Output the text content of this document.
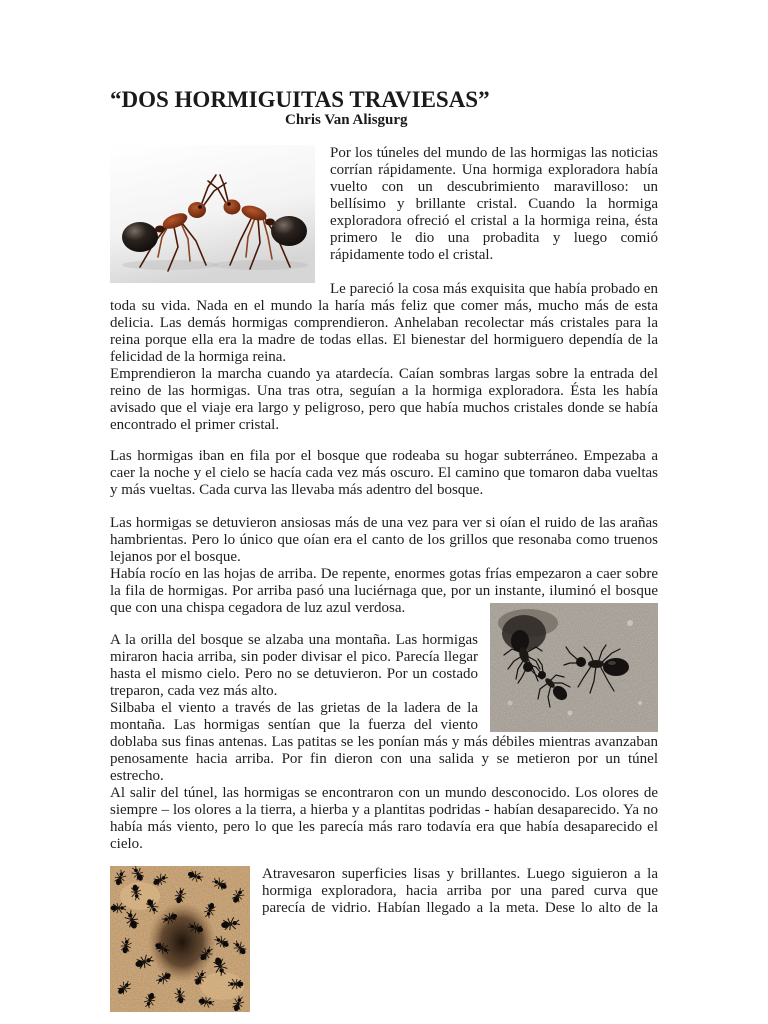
“DOS HORMIGUITAS TRAVIESAS”
Chris Van Alisgurg

Por los túneles del mundo de las hormigas las noticias corrían rápidamente. Una hormiga exploradora había vuelto con un descubrimiento maravilloso: un bellísimo y brillante cristal. Cuando la hormiga exploradora ofreció el cristal a la hormiga reina, ésta primero le dio una probadita y luego comió rápidamente todo el cristal.

Le pareció la cosa más exquisita que había probado en toda su vida. Nada en el mundo la haría más feliz que comer más, mucho más de esta delicia. Las demás hormigas comprendieron. Anhelaban recolectar más cristales para la reina porque ella era la madre de todas ellas. El bienestar del hormiguero dependía de la felicidad de la hormiga reina.

Emprendieron la marcha cuando ya atardecía. Caían sombras largas sobre la entrada del reino de las hormigas. Una tras otra, seguían a la hormiga exploradora. Ésta les había avisado que el viaje era largo y peligroso, pero que había muchos cristales donde se había encontrado el primer cristal.

Las hormigas iban en fila por el bosque que rodeaba su hogar subterráneo. Empezaba a caer la noche y el cielo se hacía cada vez más oscuro. El camino que tomaron daba vueltas y más vueltas. Cada curva las llevaba más adentro del bosque.

Las hormigas se detuvieron ansiosas más de una vez para ver si oían el ruido de las arañas hambrientas. Pero lo único que oían era el canto de los grillos que resonaba como truenos lejanos por el bosque.

Había rocío en las hojas de arriba. De repente, enormes gotas frías empezaron a caer sobre la fila de hormigas. Por arriba pasó una luciérnaga que, por un instante, iluminó el bosque que con una chispa cegadora de luz azul verdosa.

A la orilla del bosque se alzaba una montaña. Las hormigas miraron hacia arriba, sin poder divisar el pico. Parecía llegar hasta el mismo cielo. Pero no se detuvieron. Por un costado treparon, cada vez más alto.

Silbaba el viento a través de las grietas de la ladera de la montaña. Las hormigas sentían que la fuerza del viento doblaba sus finas antenas. Las patitas se les ponían más y más débiles mientras avanzaban penosamente hacia arriba. Por fin dieron con una salida y se metieron por un túnel estrecho.

Al salir del túnel, las hormigas se encontraron con un mundo desconocido. Los olores de siempre – los olores a la tierra, a hierba y a plantitas podridas - habían desaparecido. Ya no había más viento, pero lo que les parecía más raro todavía era que había desaparecido el cielo.

Atravesaron superficies lisas y brillantes. Luego siguieron a la hormiga exploradora, hacia arriba por una pared curva que parecía de vidrio. Habían llegado a la meta. Dese lo alto de la
